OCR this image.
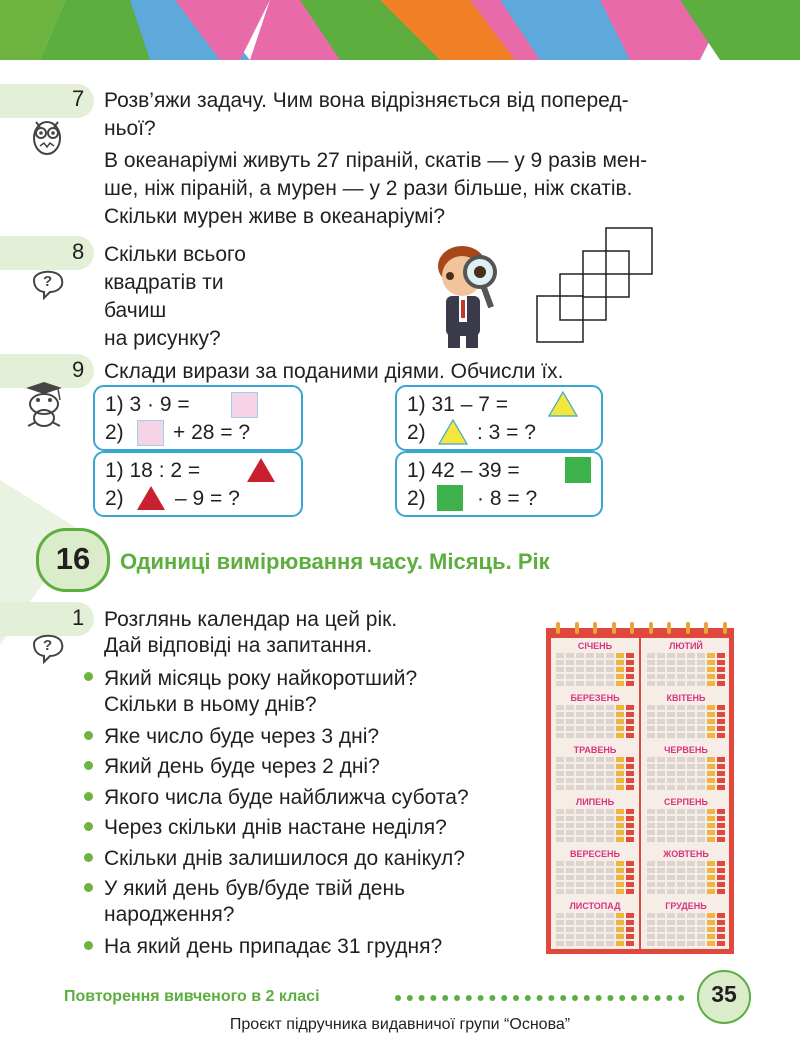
7 Розв’яжи задачу. Чим вона відрізняється від поперед-
ньої?
В океанаріумі живуть 27 піраній, скатів — у 9 разів мен-
ше, ніж піраній, а мурен — у 2 рази більше, ніж скатів.
Скільки мурен живе в океанаріумі?
8
?
Скільки всього
квадратів ти
бачиш
на рисунку?
9 Склади вирази за поданими діями. Обчисли їх.
1) 3 · 9 =
2) + 28 = ?
1) 31 – 7 =
2) : 3 = ?
1) 18 : 2 =
2) – 9 = ?
1) 42 – 39 =
2) · 8 = ?
16	Одиниці вимірювання часу. Місяць. Рік
1
?
Розглянь календар на цей рік.
Дай відповіді на запитання.
Який місяць року найкоротший?
Скільки в ньому днів?
Яке число буде через 3 дні?
Який день буде через 2 дні?
Якого числа буде найближча субота?
Через скільки днів настане неділя?
Скільки днів залишилося до канікул?
У який день був/буде твій день
народження?
На який день припадає 31 грудня?
СІЧЕНЬ	ЛЮТИЙ
БЕРЕЗЕНЬ	КВІТЕНЬ
ТРАВЕНЬ	ЧЕРВЕНЬ
ЛИПЕНЬ	СЕРПЕНЬ
ВЕРЕСЕНЬ	ЖОВТЕНЬ
ЛИСТОПАД	ГРУДЕНЬ
Повторення вивченого в 2 класі	35
Проєкт підручника видавничої групи “Основа”
